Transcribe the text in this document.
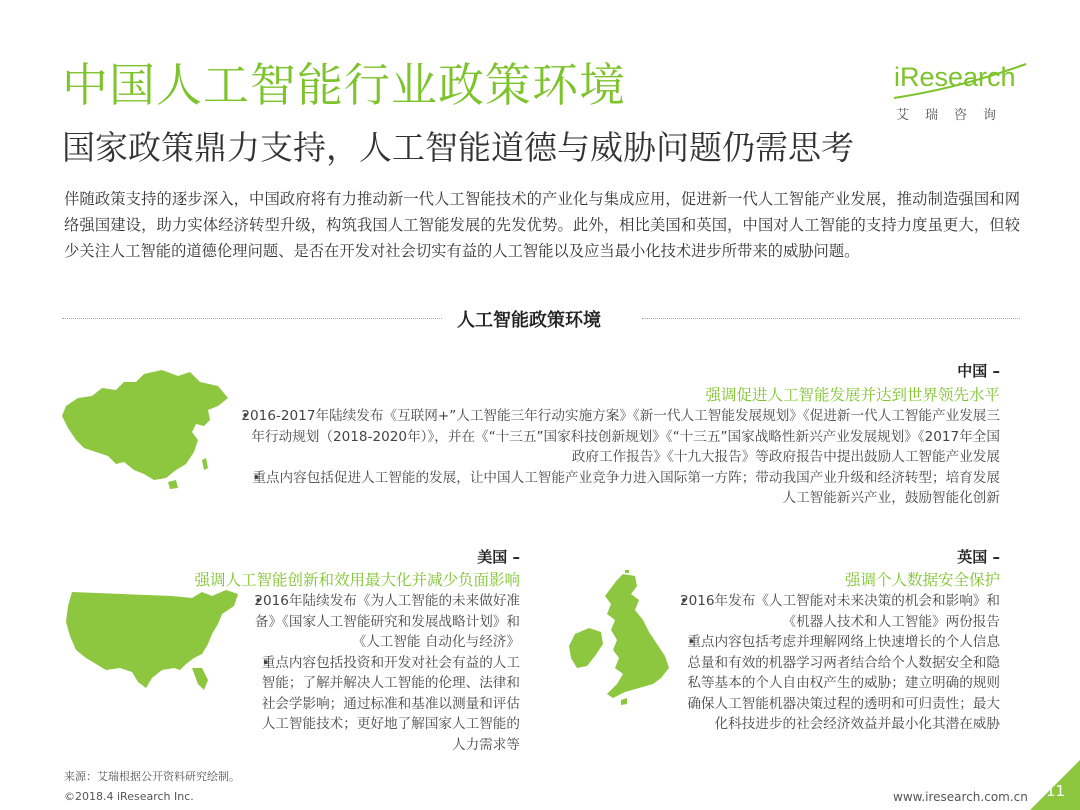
中国人工智能行业政策环境
国家政策鼎力支持，人工智能道德与威胁问题仍需思考
iResearch
艾瑞咨询
伴随政策支持的逐步深入，中国政府将有力推动新一代人工智能技术的产业化与集成应用，促进新一代人工智能产业发展，推动制造强国和网络强国建设，助力实体经济转型升级，构筑我国人工智能发展的先发优势。此外，相比美国和英国，中国对人工智能的支持力度虽更大，但较少关注人工智能的道德伦理问题、是否在开发对社会切实有益的人工智能以及应当最小化技术进步所带来的威胁问题。
人工智能政策环境
中国 –
强调促进人工智能发展并达到世界领先水平
• 2016-2017年陆续发布《互联网+”人工智能三年行动实施方案》《新一代人工智能发展规划》《促进新一代人工智能产业发展三年行动规划（2018-2020年）》，并在《“十三五”国家科技创新规划》《“十三五”国家战略性新兴产业发展规划》《2017年全国政府工作报告》《十九大报告》等政府报告中提出鼓励人工智能产业发展
• 重点内容包括促进人工智能的发展，让中国人工智能产业竞争力进入国际第一方阵；带动我国产业升级和经济转型；培育发展人工智能新兴产业，鼓励智能化创新
美国 –
强调人工智能创新和效用最大化并减少负面影响
• 2016年陆续发布《为人工智能的未来做好准备》《国家人工智能研究和发展战略计划》和《人工智能 自动化与经济》
• 重点内容包括投资和开发对社会有益的人工智能；了解并解决人工智能的伦理、法律和社会学影响；通过标准和基准以测量和评估人工智能技术；更好地了解国家人工智能的人力需求等
英国 –
强调个人数据安全保护
• 2016年发布《人工智能对未来决策的机会和影响》和《机器人技术和人工智能》两份报告
• 重点内容包括考虑并理解网络上快速增长的个人信息总量和有效的机器学习两者结合给个人数据安全和隐私等基本的个人自由权产生的威胁；建立明确的规则确保人工智能机器决策过程的透明和可归责性；最大化科技进步的社会经济效益并最小化其潜在威胁
来源：艾瑞根据公开资料研究绘制。
©2018.4 iResearch Inc.	www.iresearch.com.cn 11
